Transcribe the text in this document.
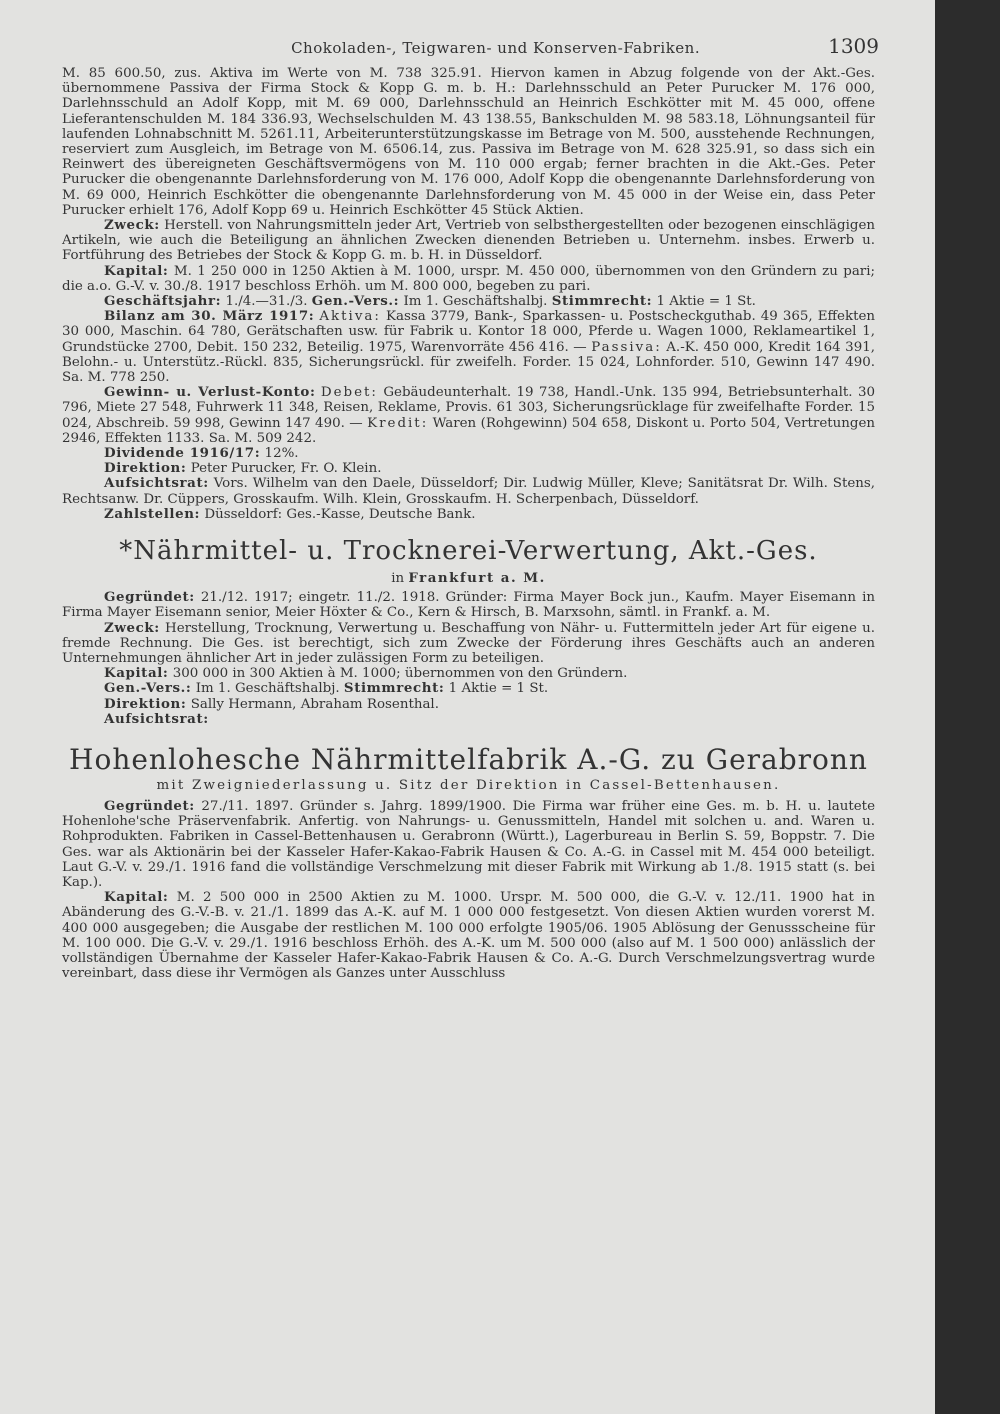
Chokoladen-, Teigwaren- und Konserven-Fabriken.	1309

M. 85 600.50, zus. Aktiva im Werte von M. 738 325.91. Hiervon kamen in Abzug folgende von der Akt.-Ges. übernommene Passiva der Firma Stock & Kopp G. m. b. H.: Darlehnsschuld an Peter Purucker M. 176 000, Darlehnsschuld an Adolf Kopp, mit M. 69 000, Darlehnsschuld an Heinrich Eschkötter mit M. 45 000, offene Lieferantenschulden M. 184 336.93, Wechselschulden M. 43 138.55, Bankschulden M. 98 583.18, Löhnungsanteil für laufenden Lohnabschnitt M. 5261.11, Arbeiterunterstützungskasse im Betrage von M. 500, ausstehende Rechnungen, reserviert zum Ausgleich, im Betrage von M. 6506.14, zus. Passiva im Betrage von M. 628 325.91, so dass sich ein Reinwert des übereigneten Geschäftsvermögens von M. 110 000 ergab; ferner brachten in die Akt.-Ges. Peter Purucker die obengenannte Darlehnsforderung von M. 176 000, Adolf Kopp die obengenannte Darlehnsforderung von M. 69 000, Heinrich Eschkötter die obengenannte Darlehnsforderung von M. 45 000 in der Weise ein, dass Peter Purucker erhielt 176, Adolf Kopp 69 u. Heinrich Eschkötter 45 Stück Aktien.

Zweck: Herstell. von Nahrungsmitteln jeder Art, Vertrieb von selbsthergestellten oder bezogenen einschlägigen Artikeln, wie auch die Beteiligung an ähnlichen Zwecken dienenden Betrieben u. Unternehm. insbes. Erwerb u. Fortführung des Betriebes der Stock & Kopp G. m. b. H. in Düsseldorf.

Kapital: M. 1 250 000 in 1250 Aktien à M. 1000, urspr. M. 450 000, übernommen von den Gründern zu pari; die a.o. G.-V. v. 30./8. 1917 beschloss Erhöh. um M. 800 000, begeben zu pari.

Geschäftsjahr: 1./4.—31./3. Gen.-Vers.: Im 1. Geschäftshalbj. Stimmrecht: 1 Aktie = 1 St.

Bilanz am 30. März 1917: Aktiva: Kassa 3779, Bank-, Sparkassen- u. Postscheckguthab. 49 365, Effekten 30 000, Maschin. 64 780, Gerätschaften usw. für Fabrik u. Kontor 18 000, Pferde u. Wagen 1000, Reklameartikel 1, Grundstücke 2700, Debit. 150 232, Beteilig. 1975, Warenvorräte 456 416. — Passiva: A.-K. 450 000, Kredit 164 391, Belohn.- u. Unterstütz.-Rückl. 835, Sicherungsrückl. für zweifelh. Forder. 15 024, Lohnforder. 510, Gewinn 147 490. Sa. M. 778 250.

Gewinn- u. Verlust-Konto: Debet: Gebäudeunterhalt. 19 738, Handl.-Unk. 135 994, Betriebsunterhalt. 30 796, Miete 27 548, Fuhrwerk 11 348, Reisen, Reklame, Provis. 61 303, Sicherungsrücklage für zweifelhafte Forder. 15 024, Abschreib. 59 998, Gewinn 147 490. — Kredit: Waren (Rohgewinn) 504 658, Diskont u. Porto 504, Vertretungen 2946, Effekten 1133. Sa. M. 509 242.

Dividende 1916/17: 12%.

Direktion: Peter Purucker, Fr. O. Klein.

Aufsichtsrat: Vors. Wilhelm van den Daele, Düsseldorf; Dir. Ludwig Müller, Kleve; Sanitätsrat Dr. Wilh. Stens, Rechtsanw. Dr. Cüppers, Grosskaufm. Wilh. Klein, Grosskaufm. H. Scherpenbach, Düsseldorf.

Zahlstellen: Düsseldorf: Ges.-Kasse, Deutsche Bank.

*Nährmittel- u. Trocknerei-Verwertung, Akt.-Ges.
in Frankfurt a. M.

Gegründet: 21./12. 1917; eingetr. 11./2. 1918. Gründer: Firma Mayer Bock jun., Kaufm. Mayer Eisemann in Firma Mayer Eisemann senior, Meier Höxter & Co., Kern & Hirsch, B. Marxsohn, sämtl. in Frankf. a. M.

Zweck: Herstellung, Trocknung, Verwertung u. Beschaffung von Nähr- u. Futtermitteln jeder Art für eigene u. fremde Rechnung. Die Ges. ist berechtigt, sich zum Zwecke der Förderung ihres Geschäfts auch an anderen Unternehmungen ähnlicher Art in jeder zulässigen Form zu beteiligen.

Kapital: 300 000 in 300 Aktien à M. 1000; übernommen von den Gründern.

Gen.-Vers.: Im 1. Geschäftshalbj. Stimmrecht: 1 Aktie = 1 St.

Direktion: Sally Hermann, Abraham Rosenthal.

Aufsichtsrat:

Hohenlohesche Nährmittelfabrik A.-G. zu Gerabronn
mit Zweigniederlassung u. Sitz der Direktion in Cassel-Bettenhausen.

Gegründet: 27./11. 1897. Gründer s. Jahrg. 1899/1900. Die Firma war früher eine Ges. m. b. H. u. lautete Hohenlohe'sche Präservenfabrik. Anfertig. von Nahrungs- u. Genussmitteln, Handel mit solchen u. and. Waren u. Rohprodukten. Fabriken in Cassel-Bettenhausen u. Gerabronn (Württ.), Lagerbureau in Berlin S. 59, Boppstr. 7. Die Ges. war als Aktionärin bei der Kasseler Hafer-Kakao-Fabrik Hausen & Co. A.-G. in Cassel mit M. 454 000 beteiligt. Laut G.-V. v. 29./1. 1916 fand die vollständige Verschmelzung mit dieser Fabrik mit Wirkung ab 1./8. 1915 statt (s. bei Kap.).

Kapital: M. 2 500 000 in 2500 Aktien zu M. 1000. Urspr. M. 500 000, die G.-V. v. 12./11. 1900 hat in Abänderung des G.-V.-B. v. 21./1. 1899 das A.-K. auf M. 1 000 000 festgesetzt. Von diesen Aktien wurden vorerst M. 400 000 ausgegeben; die Ausgabe der restlichen M. 100 000 erfolgte 1905/06. 1905 Ablösung der Genussscheine für M. 100 000. Die G.-V. v. 29./1. 1916 beschloss Erhöh. des A.-K. um M. 500 000 (also auf M. 1 500 000) anlässlich der vollständigen Übernahme der Kasseler Hafer-Kakao-Fabrik Hausen & Co. A.-G. Durch Verschmelzungsvertrag wurde vereinbart, dass diese ihr Vermögen als Ganzes unter Ausschluss
